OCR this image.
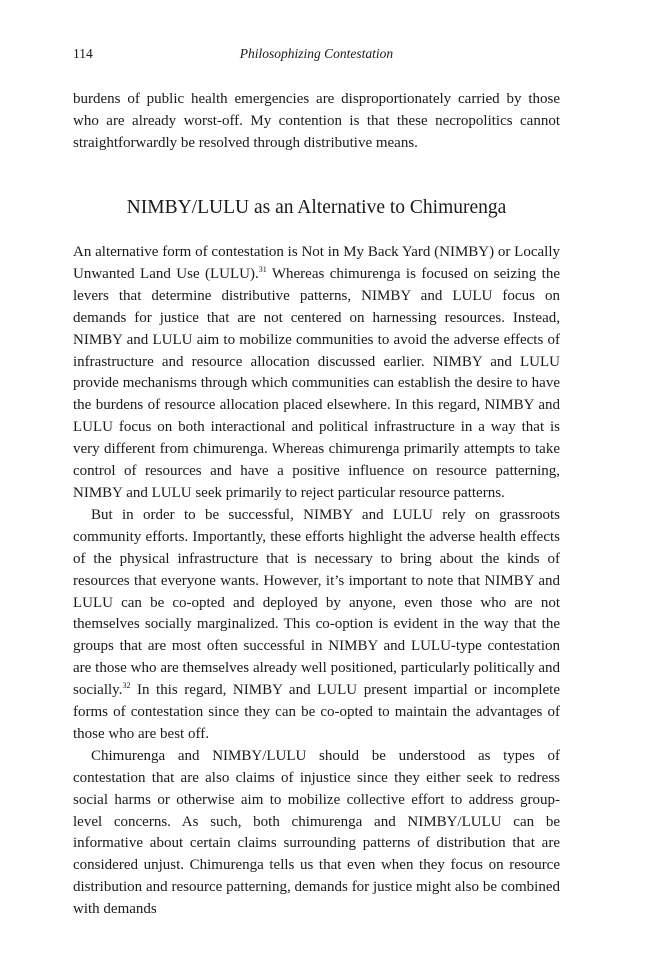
114	Philosophizing Contestation

burdens of public health emergencies are disproportionately carried by those who are already worst-off. My contention is that these necropolitics cannot straightforwardly be resolved through distributive means.

NIMBY/LULU as an Alternative to Chimurenga

An alternative form of contestation is Not in My Back Yard (NIMBY) or Locally Unwanted Land Use (LULU).$^{31}$ Whereas chimurenga is focused on seizing the levers that determine distributive patterns, NIMBY and LULU focus on demands for justice that are not centered on harnessing resources. Instead, NIMBY and LULU aim to mobilize communities to avoid the adverse effects of infrastructure and resource allocation discussed earlier. NIMBY and LULU provide mechanisms through which communities can establish the desire to have the burdens of resource allocation placed elsewhere. In this regard, NIMBY and LULU focus on both interactional and political infrastructure in a way that is very different from chimurenga. Whereas chimurenga primarily attempts to take control of resources and have a positive influence on resource patterning, NIMBY and LULU seek primarily to reject particular resource patterns.

But in order to be successful, NIMBY and LULU rely on grassroots community efforts. Importantly, these efforts highlight the adverse health effects of the physical infrastructure that is necessary to bring about the kinds of resources that everyone wants. However, it’s important to note that NIMBY and LULU can be co-opted and deployed by anyone, even those who are not themselves socially marginalized. This co-option is evident in the way that the groups that are most often successful in NIMBY and LULU-type contestation are those who are themselves already well positioned, particularly politically and socially.$^{32}$ In this regard, NIMBY and LULU present impartial or incomplete forms of contestation since they can be co-opted to maintain the advantages of those who are best off.

Chimurenga and NIMBY/LULU should be understood as types of contestation that are also claims of injustice since they either seek to redress social harms or otherwise aim to mobilize collective effort to address group-level concerns. As such, both chimurenga and NIMBY/LULU can be informative about certain claims surrounding patterns of distribution that are considered unjust. Chimurenga tells us that even when they focus on resource distribution and resource patterning, demands for justice might also be combined with demands
